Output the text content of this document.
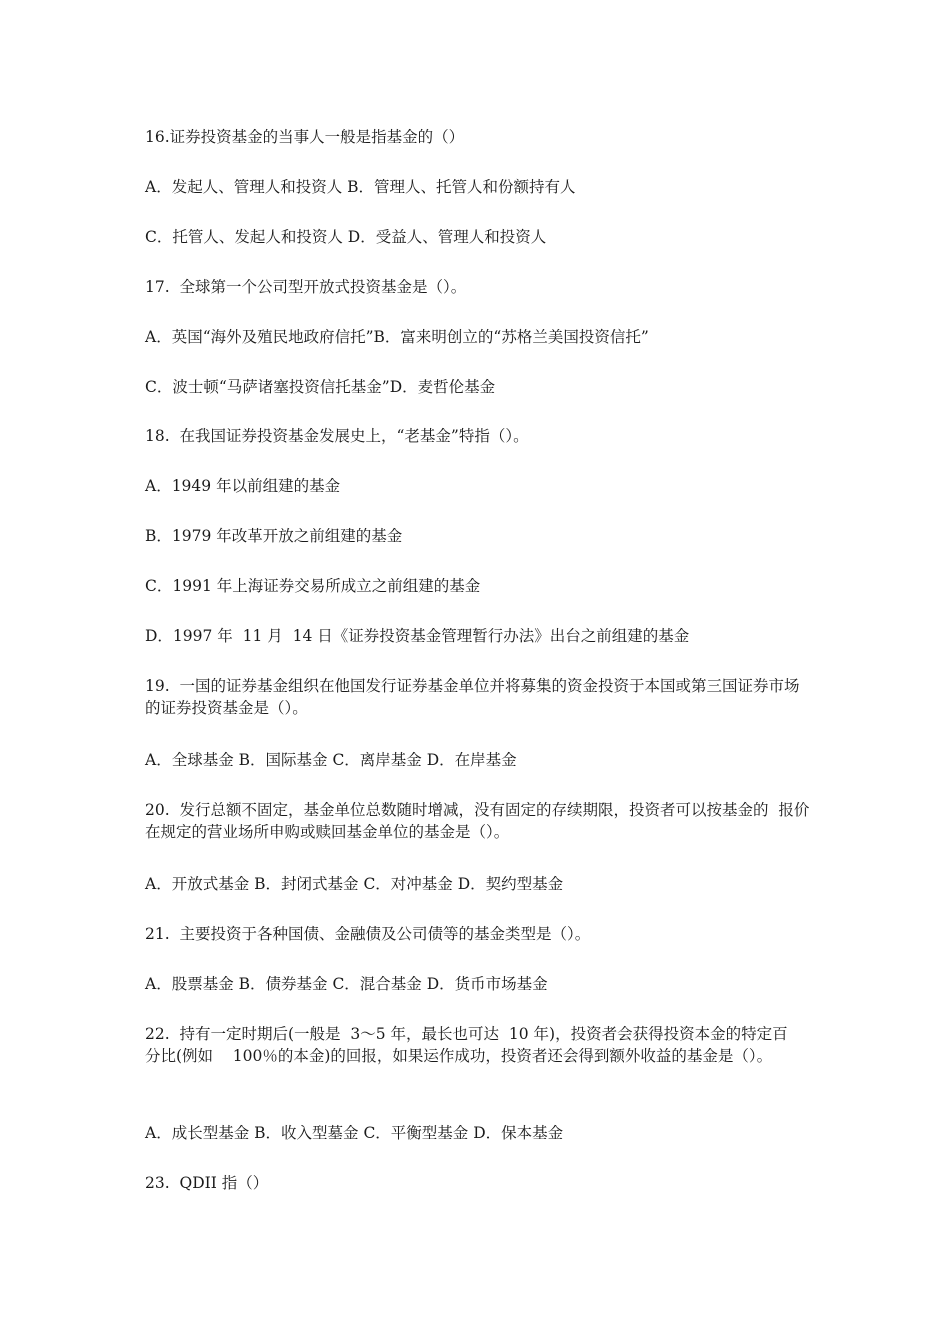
16.证券投资基金的当事人一般是指基金的（）
A．发起人、管理人和投资人 B．管理人、托管人和份额持有人
C．托管人、发起人和投资人 D．受益人、管理人和投资人
17.  全球第一个公司型开放式投资基金是（）。
A．英国“海外及殖民地政府信托”B．富来明创立的“苏格兰美国投资信托”
C．波士顿“马萨诸塞投资信托基金”D．麦哲伦基金
18.  在我国证券投资基金发展史上，“老基金”特指（）。
A．1949 年以前组建的基金
B．1979 年改革开放之前组建的基金
C．1991 年上海证券交易所成立之前组建的基金
D．1997 年  11 月  14 日《证券投资基金管理暂行办法》出台之前组建的基金
19.  一国的证券基金组织在他国发行证券基金单位并将募集的资金投资于本国或第三国证券市场的证券投资基金是（）。
A．全球基金 B．国际基金 C．离岸基金 D．在岸基金
20.  发行总额不固定，基金单位总数随时增减，没有固定的存续期限，投资者可以按基金的  报价在规定的营业场所申购或赎回基金单位的基金是（）。
A．开放式基金 B．封闭式基金 C．对冲基金 D．契约型基金
21.  主要投资于各种国债、金融债及公司债等的基金类型是（）。
A．股票基金 B．债券基金 C．混合基金 D．货币市场基金
22.  持有一定时期后(一般是  3～5 年，最长也可达  10 年)，投资者会获得投资本金的特定百  分比(例如    100％的本金)的回报，如果运作成功，投资者还会得到额外收益的基金是（）。
A．成长型基金 B．收入型墓金 C．平衡型基金 D．保本基金
23.  QDII 指（）
